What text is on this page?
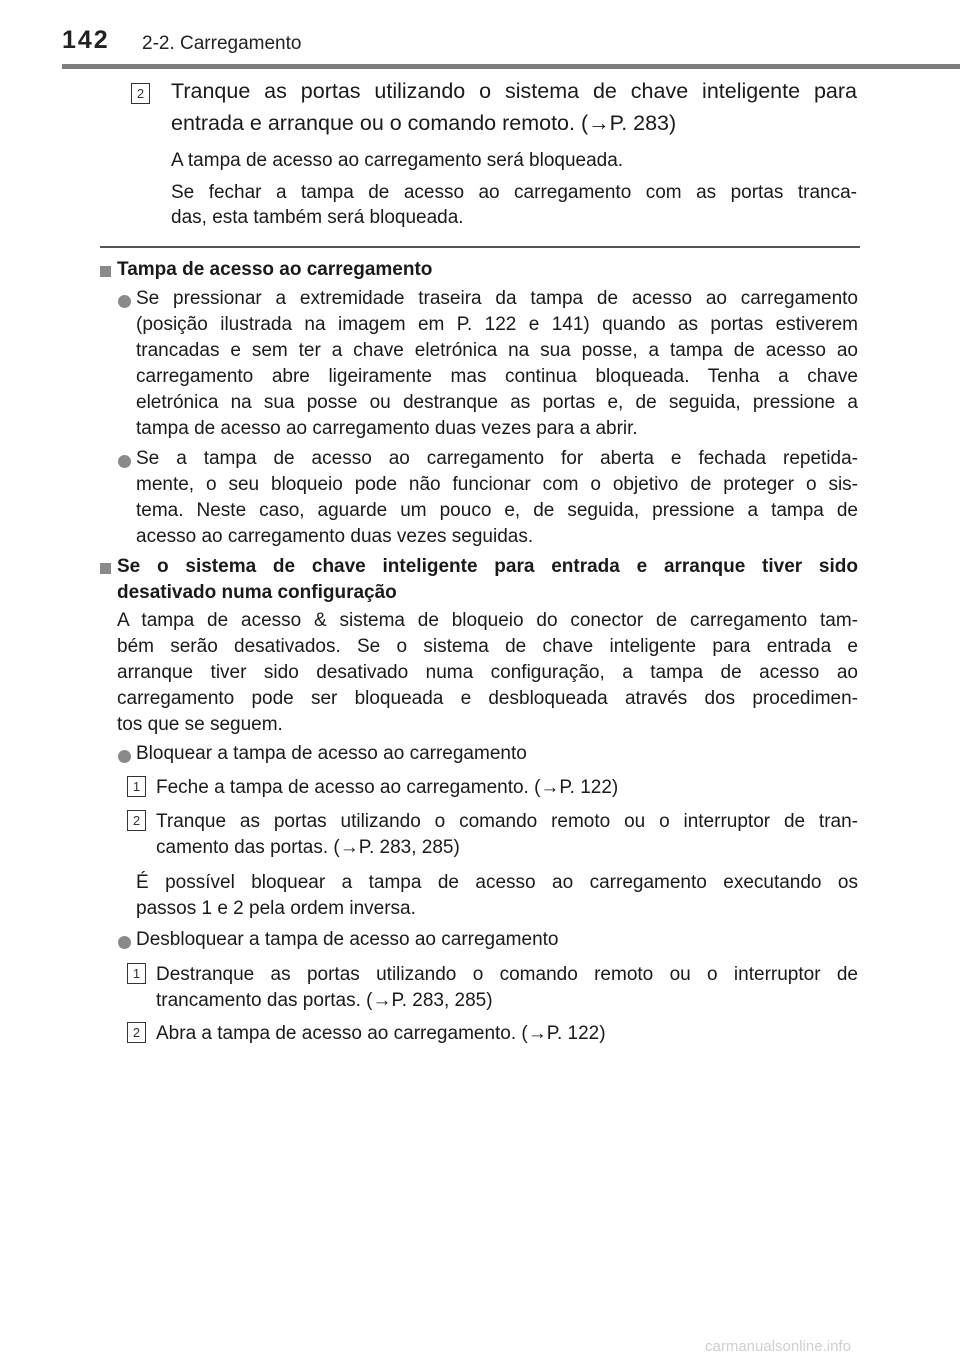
142 2-2. Carregamento
2 Tranque as portas utilizando o sistema de chave inteligente para
entrada e arranque ou o comando remoto. (→P. 283)
A tampa de acesso ao carregamento será bloqueada.
Se fechar a tampa de acesso ao carregamento com as portas tranca-
das, esta também será bloqueada.
Tampa de acesso ao carregamento
Se pressionar a extremidade traseira da tampa de acesso ao carregamento
(posição ilustrada na imagem em P. 122 e 141) quando as portas estiverem
trancadas e sem ter a chave eletrónica na sua posse, a tampa de acesso ao
carregamento abre ligeiramente mas continua bloqueada. Tenha a chave
eletrónica na sua posse ou destranque as portas e, de seguida, pressione a
tampa de acesso ao carregamento duas vezes para a abrir.
Se a tampa de acesso ao carregamento for aberta e fechada repetida-
mente, o seu bloqueio pode não funcionar com o objetivo de proteger o sis-
tema. Neste caso, aguarde um pouco e, de seguida, pressione a tampa de
acesso ao carregamento duas vezes seguidas.
Se o sistema de chave inteligente para entrada e arranque tiver sido
desativado numa configuração
A tampa de acesso & sistema de bloqueio do conector de carregamento tam-
bém serão desativados. Se o sistema de chave inteligente para entrada e
arranque tiver sido desativado numa configuração, a tampa de acesso ao
carregamento pode ser bloqueada e desbloqueada através dos procedimen-
tos que se seguem.
Bloquear a tampa de acesso ao carregamento
1 Feche a tampa de acesso ao carregamento. (→P. 122)
2 Tranque as portas utilizando o comando remoto ou o interruptor de tran-
camento das portas. (→P. 283, 285)
É possível bloquear a tampa de acesso ao carregamento executando os
passos 1 e 2 pela ordem inversa.
Desbloquear a tampa de acesso ao carregamento
1 Destranque as portas utilizando o comando remoto ou o interruptor de
trancamento das portas. (→P. 283, 285)
2 Abra a tampa de acesso ao carregamento. (→P. 122)
carmanualsonline.info
